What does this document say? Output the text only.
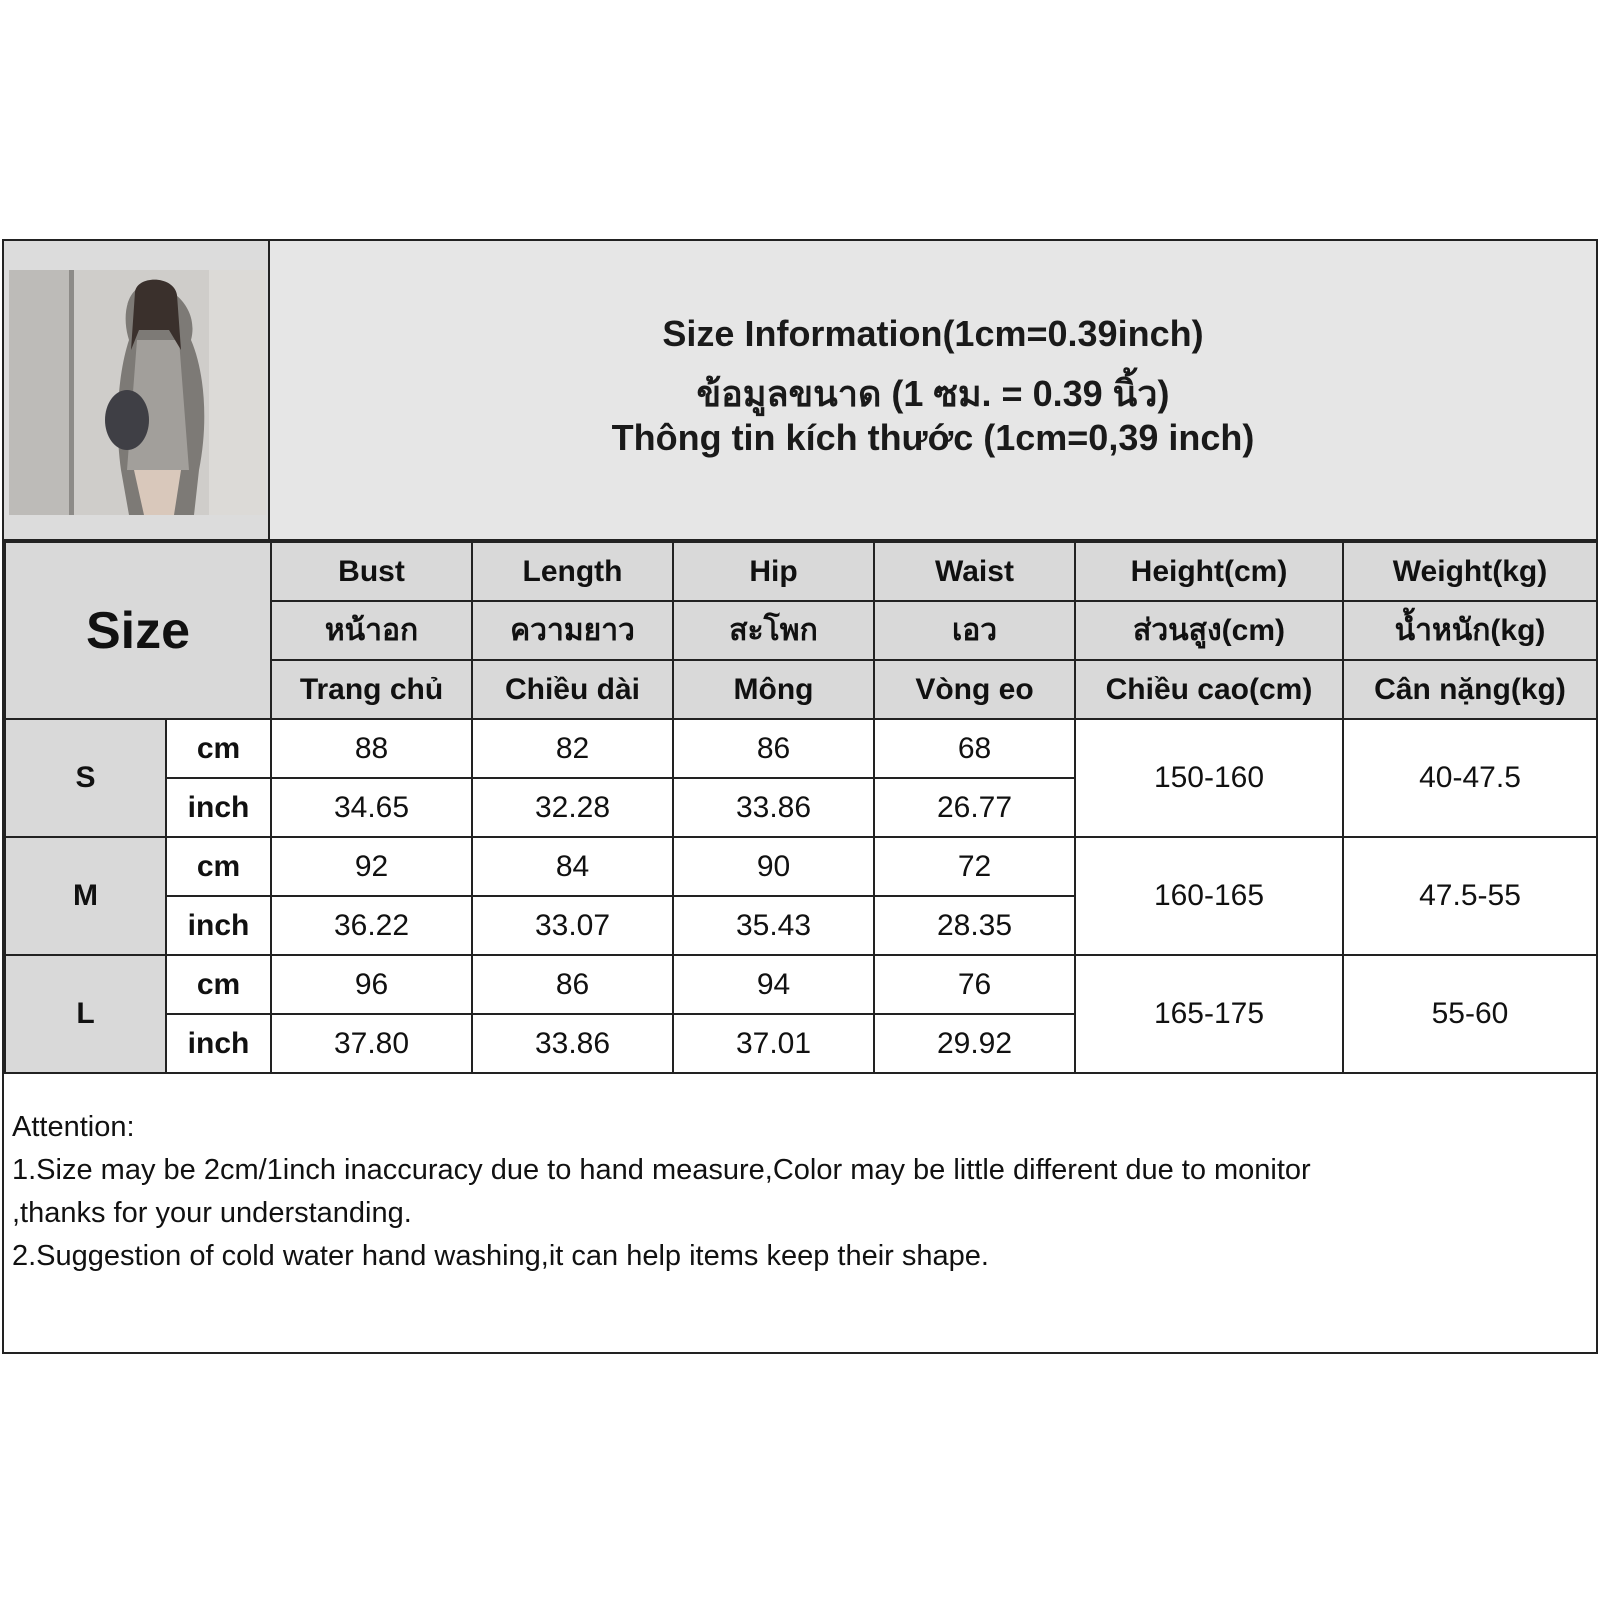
Size Information(1cm=0.39inch)
ข้อมูลขนาด (1 ซม. = 0.39 นิ้ว)
Thông tin kích thước (1cm=0,39 inch)
Size		Bust	Length	Hip	Waist	Height(cm)	Weight(kg)
		หน้าอก	ความยาว	สะโพก	เอว	ส่วนสูง(cm)	น้ำหนัก(kg)
		Trang chủ	Chiều dài	Mông	Vòng eo	Chiều cao(cm)	Cân nặng(kg)
S	cm	88	82	86	68	150-160	40-47.5
	inch	34.65	32.28	33.86	26.77		
M	cm	92	84	90	72	160-165	47.5-55
	inch	36.22	33.07	35.43	28.35		
L	cm	96	86	94	76	165-175	55-60
	inch	37.80	33.86	37.01	29.92		
Attention:
1.Size may be 2cm/1inch inaccuracy due to hand measure,Color may be little different due to monitor
,thanks for your understanding.
2.Suggestion of cold water hand washing,it can help items keep their shape.
